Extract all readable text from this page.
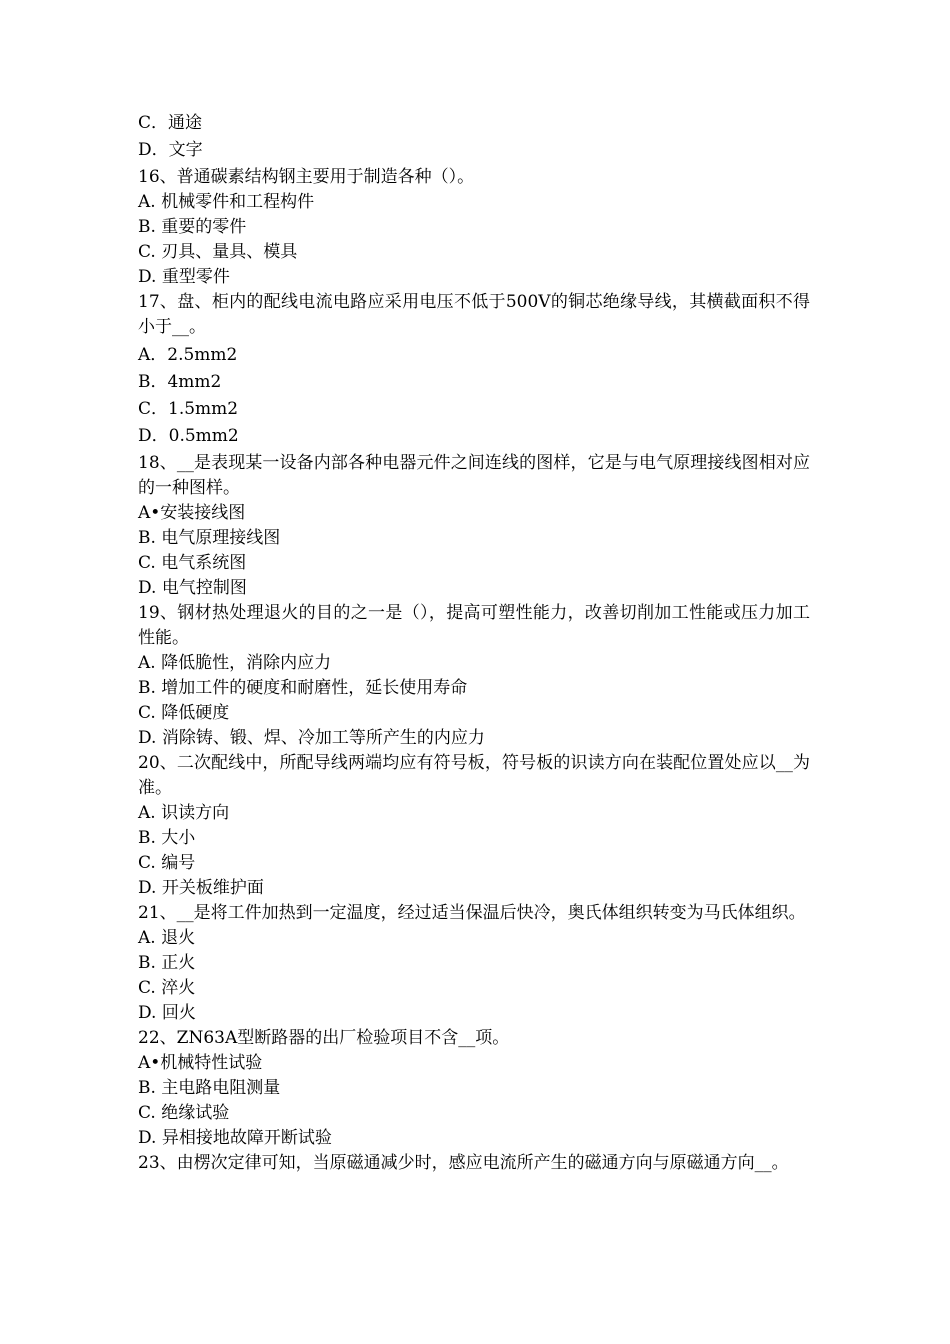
C．通途
D．文字
16、普通碳素结构钢主要用于制造各种（）。
A. 机械零件和工程构件
B. 重要的零件
C. 刃具、量具、模具
D. 重型零件
17、盘、柜内的配线电流电路应采用电压不低于500V的铜芯绝缘导线，其横截面积不得小于__。
A．2.5mm2
B．4mm2
C．1.5mm2
D．0.5mm2
18、__是表现某一设备内部各种电器元件之间连线的图样，它是与电气原理接线图相对应的一种图样。
A•安装接线图
B. 电气原理接线图
C. 电气系统图
D. 电气控制图
19、钢材热处理退火的目的之一是（），提高可塑性能力，改善切削加工性能或压力加工性能。
A. 降低脆性，消除内应力
B. 增加工件的硬度和耐磨性，延长使用寿命
C. 降低硬度
D. 消除铸、锻、焊、冷加工等所产生的内应力
20、二次配线中，所配导线两端均应有符号板，符号板的识读方向在装配位置处应以__为准。
A. 识读方向
B. 大小
C. 编号
D. 开关板维护面
21、__是将工件加热到一定温度，经过适当保温后快冷，奥氏体组织转变为马氏体组织。
A. 退火
B. 正火
C. 淬火
D. 回火
22、ZN63A型断路器的出厂检验项目不含__项。
A•机械特性试验
B. 主电路电阻测量
C. 绝缘试验
D. 异相接地故障开断试验
23、由楞次定律可知，当原磁通减少时，感应电流所产生的磁通方向与原磁通方向__。
